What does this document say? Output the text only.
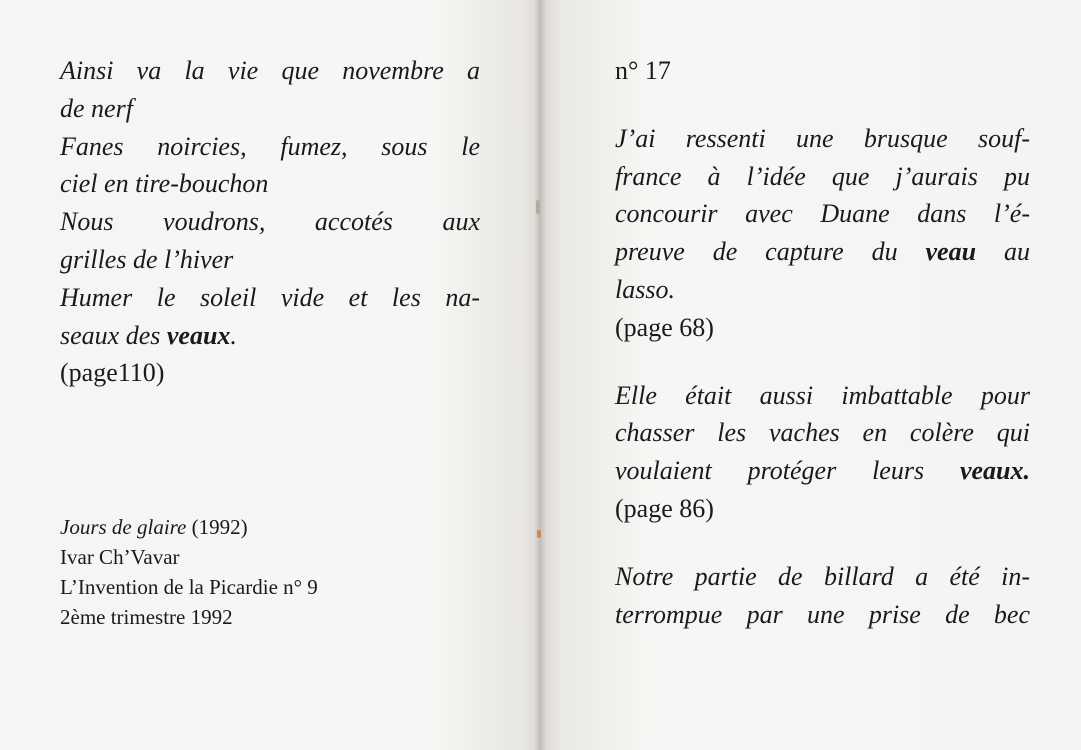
Ainsi va la vie que novembre a

de nerf

Fanes noircies, fumez, sous le

ciel en tire-bouchon

Nous voudrons, accotés aux

grilles de l’hiver

Humer le soleil vide et les na-

seaux des veaux.

(page110)

Jours de glaire (1992)
Ivar Ch’Vavar
L’Invention de la Picardie n° 9
2ème trimestre 1992

n° 17

J’ai ressenti une brusque souf-

france à l’idée que j’aurais pu

concourir avec Duane dans l’é-

preuve de capture du veau au

lasso.

(page 68)

Elle était aussi imbattable pour

chasser les vaches en colère qui

voulaient protéger leurs veaux.

(page 86)

Notre partie de billard a été in-

terrompue par une prise de bec
